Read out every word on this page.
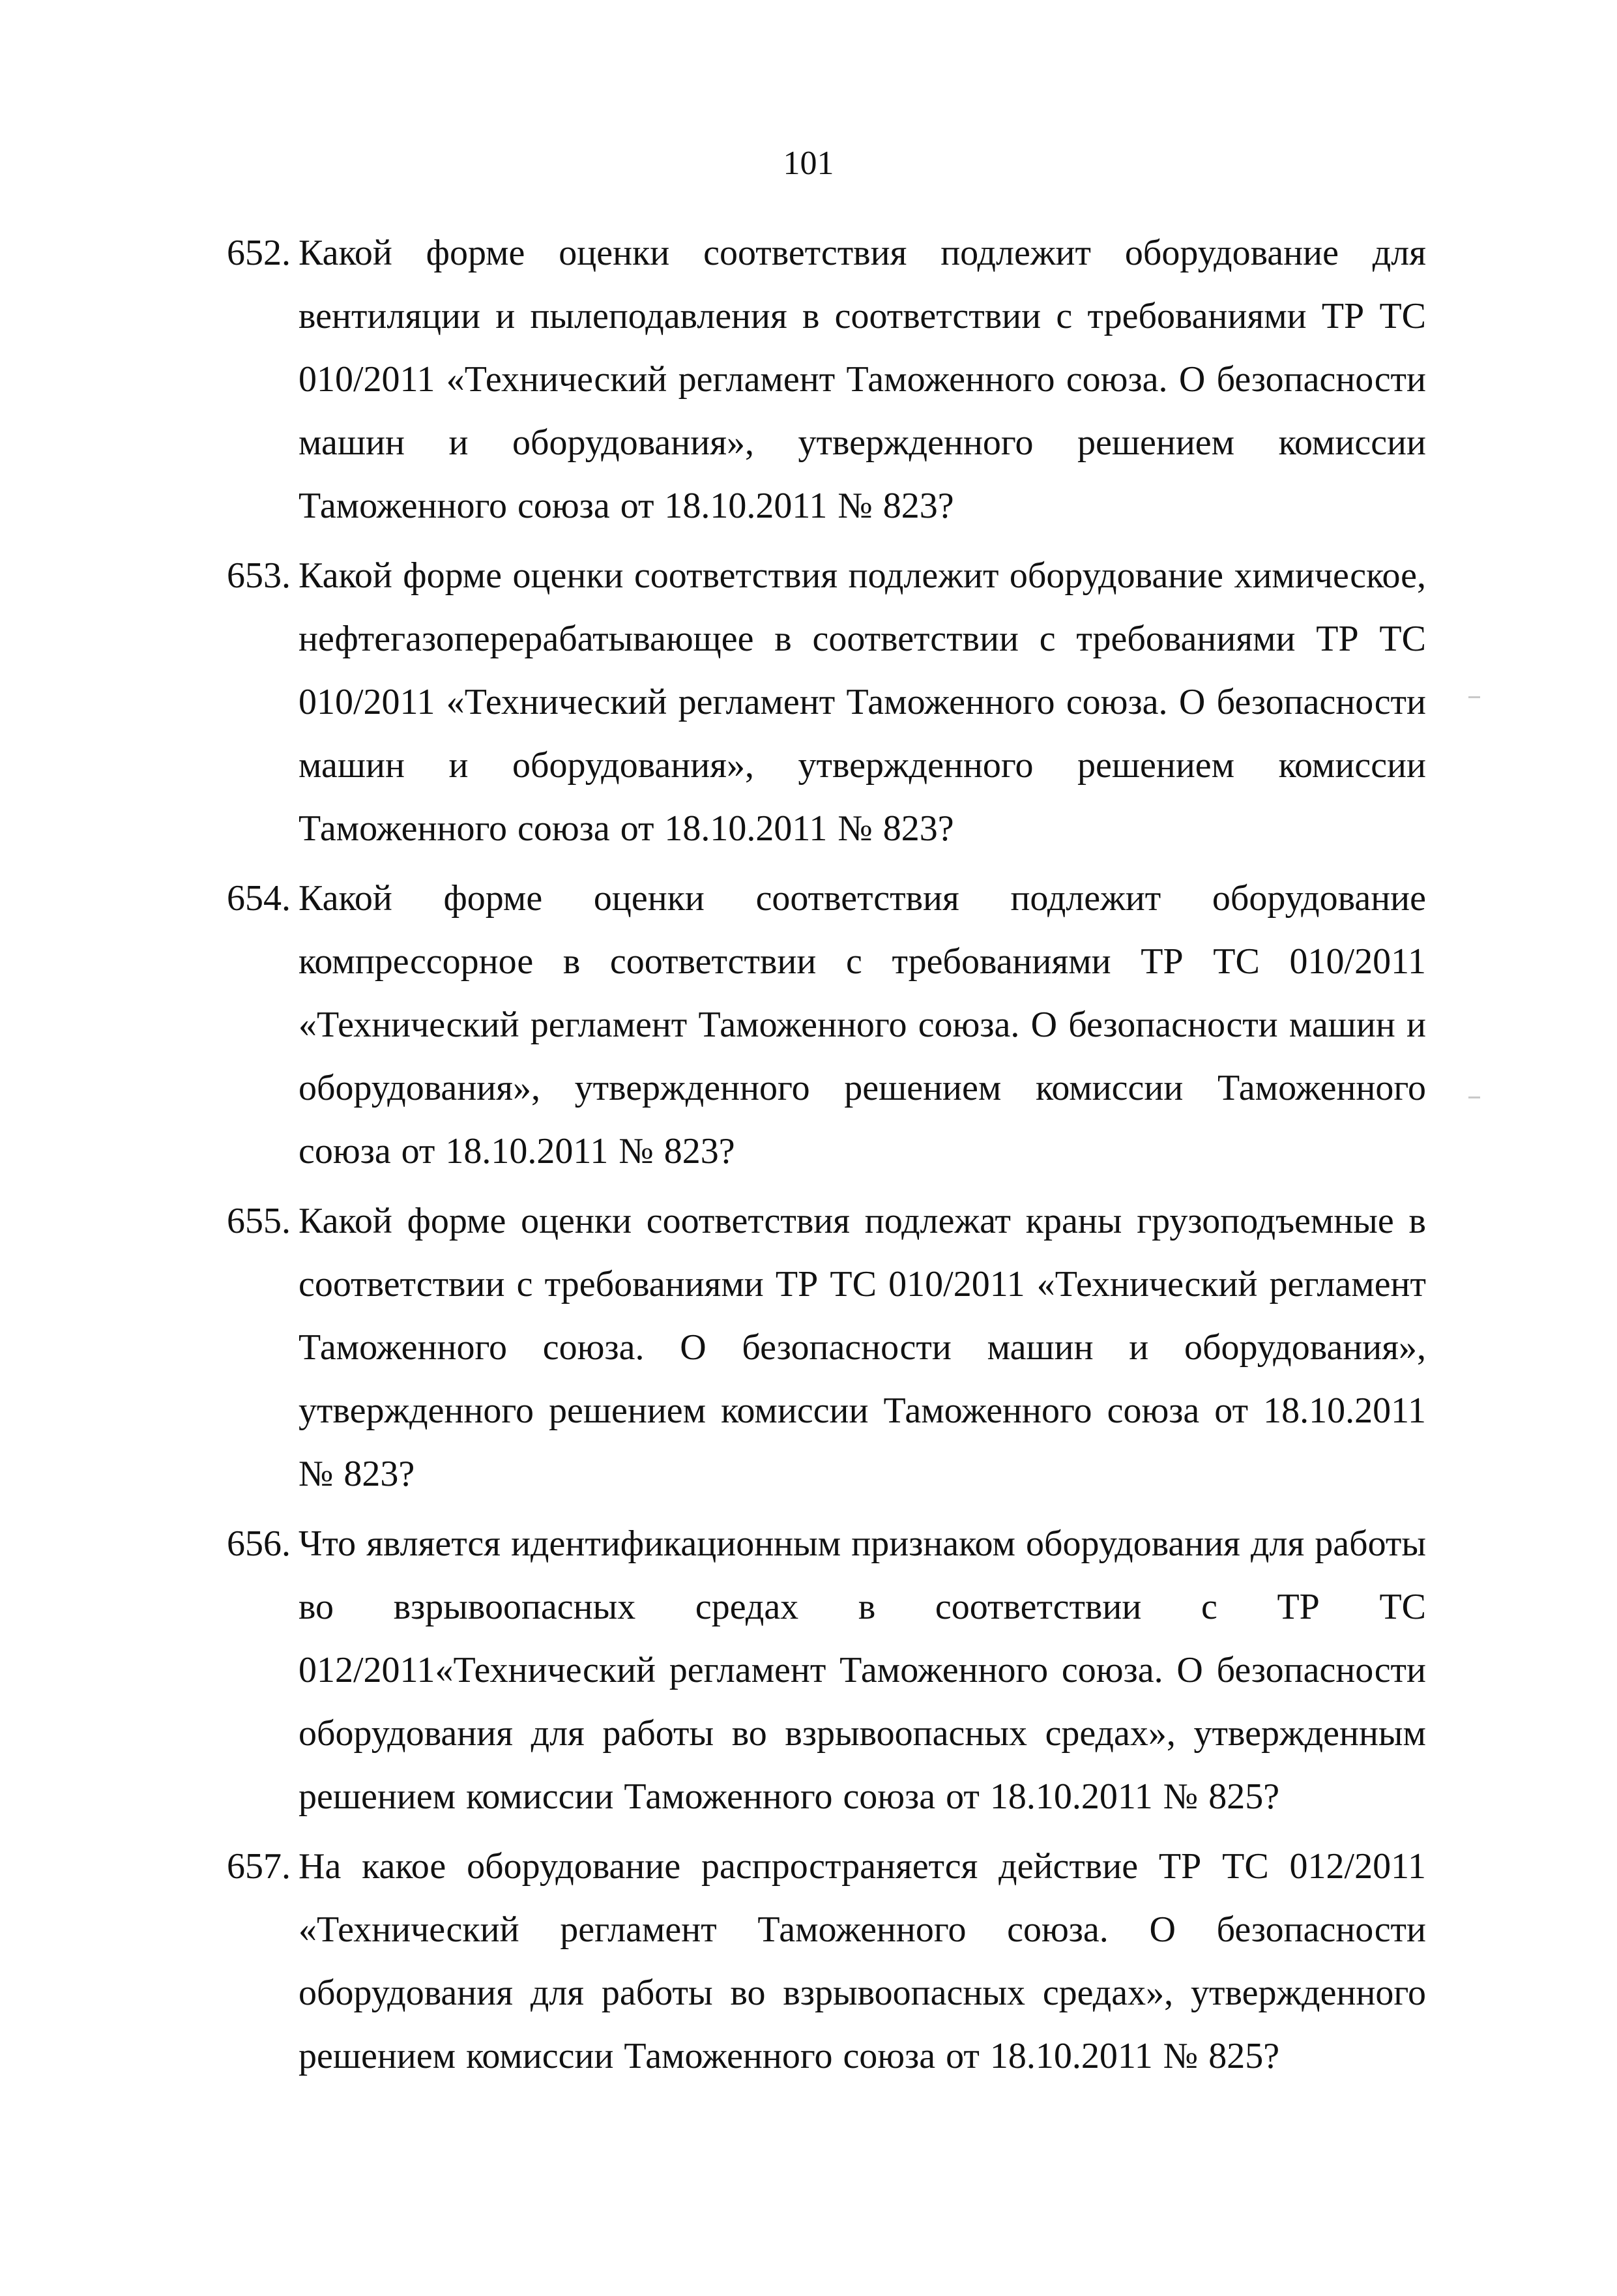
101
652. Какой форме оценки соответствия подлежит оборудование для вентиляции и пылеподавления в соответствии с требованиями ТР ТС 010/2011 «Технический регламент Таможенного союза. О безопасности машин и оборудования», утвержденного решением комиссии Таможенного союза от 18.10.2011 № 823?
653. Какой форме оценки соответствия подлежит оборудование химическое, нефтегазоперерабатывающее в соответствии с требованиями ТР ТС 010/2011 «Технический регламент Таможенного союза. О безопасности машин и оборудования», утвержденного решением комиссии Таможенного союза от 18.10.2011 № 823?
654. Какой форме оценки соответствия подлежит оборудование компрессорное в соответствии с требованиями ТР ТС 010/2011 «Технический регламент Таможенного союза. О безопасности машин и оборудования», утвержденного решением комиссии Таможенного союза от 18.10.2011 № 823?
655. Какой форме оценки соответствия подлежат краны грузоподъемные в соответствии с требованиями ТР ТС 010/2011 «Технический регламент Таможенного союза. О безопасности машин и оборудования», утвержденного решением комиссии Таможенного союза от 18.10.2011 № 823?
656. Что является идентификационным признаком оборудования для работы во взрывоопасных средах в соответствии с ТР ТС 012/2011«Технический регламент Таможенного союза. О безопасности оборудования для работы во взрывоопасных средах», утвержденным решением комиссии Таможенного союза от 18.10.2011 № 825?
657. На какое оборудование распространяется действие ТР ТС 012/2011 «Технический регламент Таможенного союза. О безопасности оборудования для работы во взрывоопасных средах», утвержденного решением комиссии Таможенного союза от 18.10.2011 № 825?
